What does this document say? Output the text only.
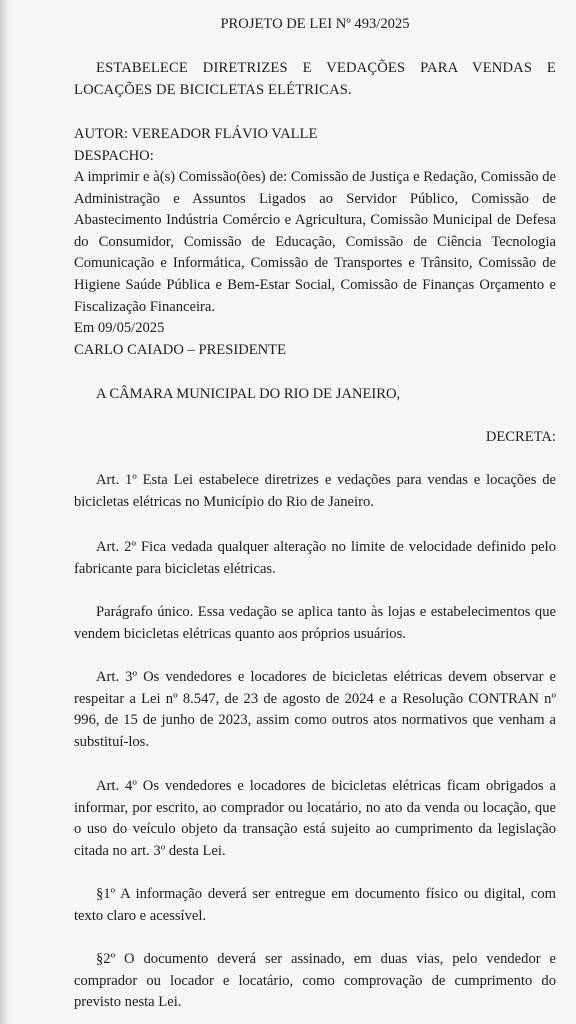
PROJETO DE LEI Nº 493/2025

ESTABELECE DIRETRIZES E VEDAÇÕES PARA VENDAS E LOCAÇÕES DE BICICLETAS ELÉTRICAS.

AUTOR: VEREADOR FLÁVIO VALLE

DESPACHO:

A imprimir e à(s) Comissão(ões) de: Comissão de Justiça e Redação, Comissão de Administração e Assuntos Ligados ao Servidor Público, Comissão de Abastecimento Indústria Comércio e Agricultura, Comissão Municipal de Defesa do Consumidor, Comissão de Educação, Comissão de Ciência Tecnologia Comunicação e Informática, Comissão de Transportes e Trânsito, Comissão de Higiene Saúde Pública e Bem-Estar Social, Comissão de Finanças Orçamento e Fiscalização Financeira.

Em 09/05/2025

CARLO CAIADO – PRESIDENTE

A CÂMARA MUNICIPAL DO RIO DE JANEIRO,

DECRETA:

Art. 1º Esta Lei estabelece diretrizes e vedações para vendas e locações de bicicletas elétricas no Município do Rio de Janeiro.

Art. 2º Fica vedada qualquer alteração no limite de velocidade definido pelo fabricante para bicicletas elétricas.

Parágrafo único. Essa vedação se aplica tanto às lojas e estabelecimentos que vendem bicicletas elétricas quanto aos próprios usuários.

Art. 3º Os vendedores e locadores de bicicletas elétricas devem observar e respeitar a Lei nº 8.547, de 23 de agosto de 2024 e a Resolução CONTRAN nº 996, de 15 de junho de 2023, assim como outros atos normativos que venham a substituí-los.

Art. 4º Os vendedores e locadores de bicicletas elétricas ficam obrigados a informar, por escrito, ao comprador ou locatário, no ato da venda ou locação, que o uso do veículo objeto da transação está sujeito ao cumprimento da legislação citada no art. 3º desta Lei.

§1º A informação deverá ser entregue em documento físico ou digital, com texto claro e acessível.

§2º O documento deverá ser assinado, em duas vias, pelo vendedor e comprador ou locador e locatário, como comprovação de cumprimento do previsto nesta Lei.
